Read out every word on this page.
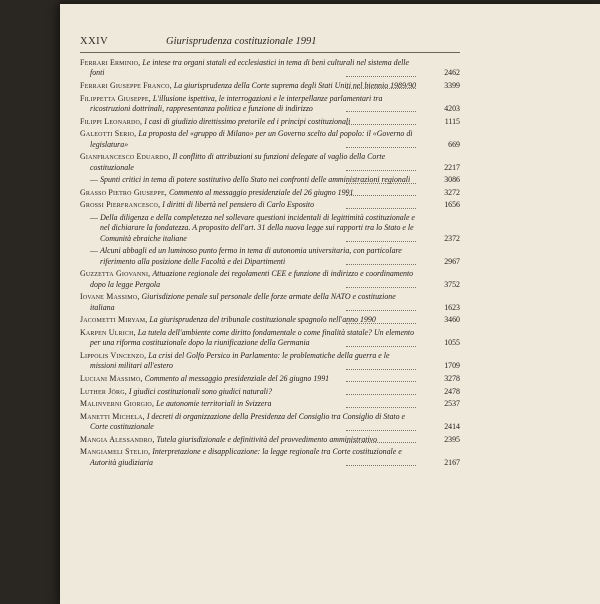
XXIV	Giurisprudenza costituzionale 1991
Ferrari Erminio, Le intese tra organi statali ed ecclesiastici in tema di beni culturali nel sistema delle fonti	2462
Ferrari Giuseppe Franco, La giurisprudenza della Corte suprema degli Stati Uniti nel biennio 1989/90	3399
Filippetta Giuseppe, L'illusione ispettiva, le interrogazioni e le interpellanze parlamentari tra ricostruzioni dottrinali, rappresentanza politica e funzione di indirizzo	4203
Filippi Leonardo, I casi di giudizio direttissimo pretorile ed i principi costituzionali	1115
Galeotti Serio, La proposta del «gruppo di Milano» per un Governo scelto dal popolo: il «Governo di legislatura»	669
Gianfrancesco Eduardo, Il conflitto di attribuzioni su funzioni delegate al vaglio della Corte costituzionale	2217
— Spunti critici in tema di potere sostitutivo dello Stato nei confronti delle amministrazioni regionali	3086
Grasso Pietro Giuseppe, Commento al messaggio presidenziale del 26 giugno 1991	3272
Grossi Pierfrancesco, I diritti di libertà nel pensiero di Carlo Esposito	1656
— Della diligenza e della completezza nel sollevare questioni incidentali di legittimità costituzionale e nel dichiarare la fondatezza. A proposito dell'art. 31 della nuova legge sui rapporti tra lo Stato e le Comunità ebraiche italiane	2372
— Alcuni abbagli ed un luminoso punto fermo in tema di autonomia universitaria, con particolare riferimento alla posizione delle Facoltà e dei Dipartimenti	2967
Guzzetta Giovanni, Attuazione regionale dei regolamenti CEE e funzione di indirizzo e coordinamento dopo la legge Pergola	3752
Iovane Massimo, Giurisdizione penale sul personale delle forze armate della NATO e costituzione italiana	1623
Jacometti Miryam, La giurisprudenza del tribunale costituzionale spagnolo nell'anno 1990	3460
Karpen Ulrich, La tutela dell'ambiente come diritto fondamentale o come finalità statale? Un elemento per una riforma costituzionale dopo la riunificazione della Germania	1055
Lippolis Vincenzo, La crisi del Golfo Persico in Parlamento: le problematiche della guerra e le missioni militari all'estero	1709
Luciani Massimo, Commento al messaggio presidenziale del 26 giugno 1991	3278
Luther Jörg, I giudici costituzionali sono giudici naturali?	2478
Malinverni Giorgio, Le autonomie territoriali in Svizzera	2537
Manetti Michela, I decreti di organizzazione della Presidenza del Consiglio tra Consiglio di Stato e Corte costituzionale	2414
Mangia Alessandro, Tutela giurisdizionale e definitività del provvedimento amministrativo	2395
Mangiameli Stelio, Interpretazione e disapplicazione: la legge regionale tra Corte costituzionale e Autorità giudiziaria	2167
